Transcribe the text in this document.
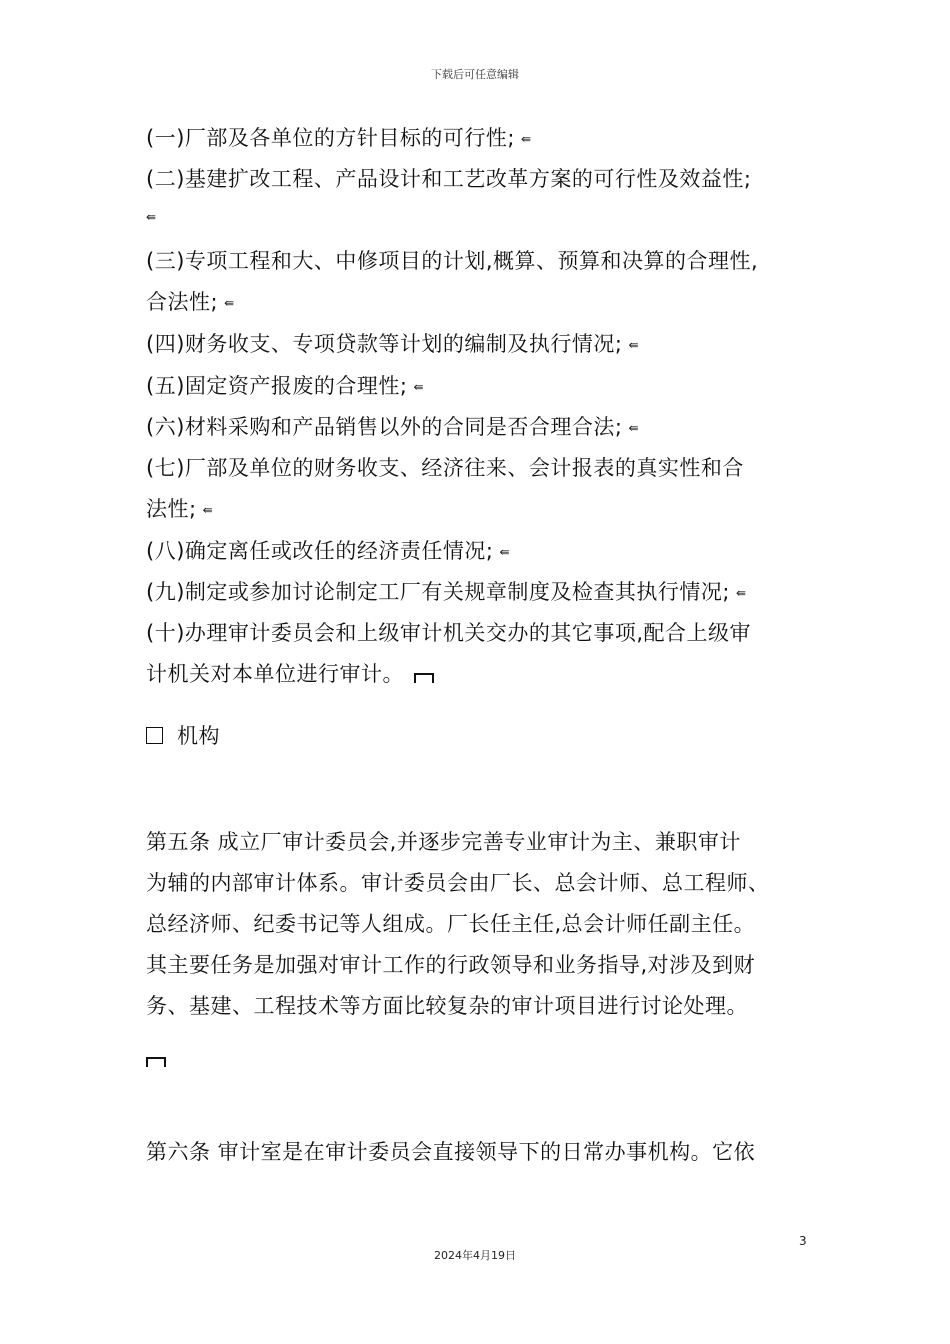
下载后可任意编辑
(一)厂部及各单位的方针目标的可行性; ⇚
(二)基建扩改工程、产品设计和工艺改革方案的可行性及效益性;
⇚
(三)专项工程和大、中修项目的计划,概算、预算和决算的合理性,
合法性; ⇚
(四)财务收支、专项贷款等计划的编制及执行情况; ⇚
(五)固定资产报废的合理性; ⇚
(六)材料采购和产品销售以外的合同是否合理合法; ⇚
(七)厂部及单位的财务收支、经济往来、会计报表的真实性和合
法性; ⇚
(八)确定离任或改任的经济责任情况; ⇚
(九)制定或参加讨论制定工厂有关规章制度及检查其执行情况; ⇚
(十)办理审计委员会和上级审计机关交办的其它事项,配合上级审
计机关对本单位进行审计。
机构
第五条 成立厂审计委员会,并逐步完善专业审计为主、兼职审计
为辅的内部审计体系。审计委员会由厂长、总会计师、总工程师、
总经济师、纪委书记等人组成。厂长任主任,总会计师任副主任。
其主要任务是加强对审计工作的行政领导和业务指导,对涉及到财
务、基建、工程技术等方面比较复杂的审计项目进行讨论处理。
第六条 审计室是在审计委员会直接领导下的日常办事机构。它依
3
2024年4月19日
